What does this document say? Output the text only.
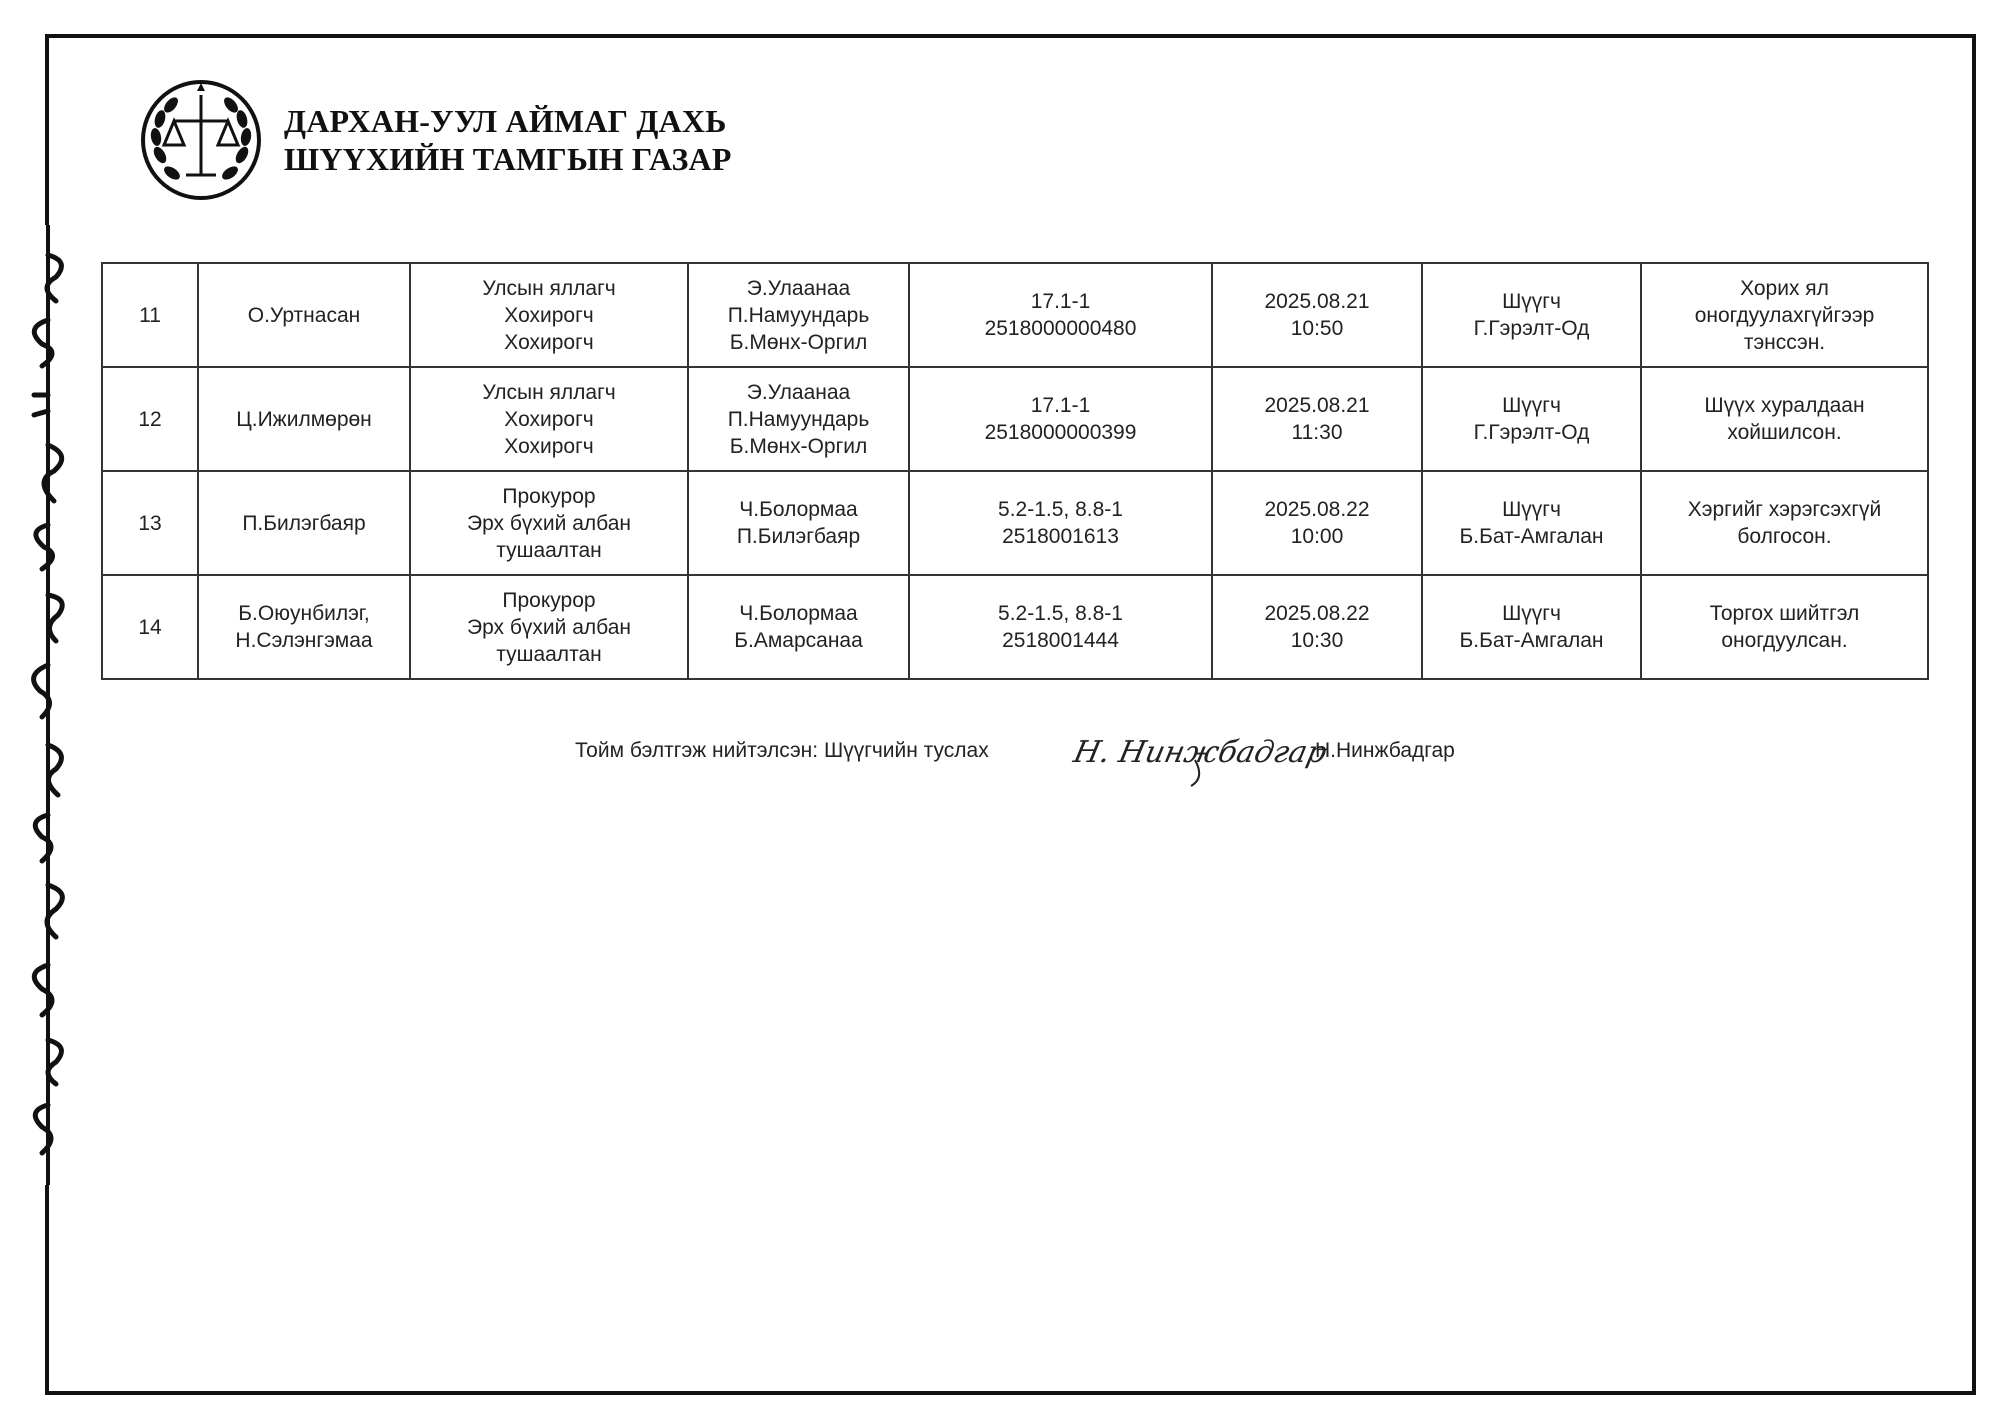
ДАРХАН-УУЛ АЙМАГ ДАХЬ
ШҮҮХИЙН ТАМГЫН ГАЗАР
11	О.Уртнасан	Улсын яллагч
Хохирогч
Хохирогч	Э.Улаанаа
П.Намуундарь
Б.Мөнх-Оргил	17.1-1
2518000000480	2025.08.21
10:50	Шүүгч
Г.Гэрэлт-Од	Хорих ял
оногдуулахгүйгээр
тэнссэн.

12	Ц.Ижилмөрөн	Улсын яллагч
Хохирогч
Хохирогч	Э.Улаанаа
П.Намуундарь
Б.Мөнх-Оргил	17.1-1
2518000000399	2025.08.21
11:30	Шүүгч
Г.Гэрэлт-Од	Шүүх хуралдаан
хойшилсон.

13	П.Билэгбаяр	Прокурор
Эрх бүхий албан
тушаалтан	Ч.Болормаа
П.Билэгбаяр	5.2-1.5, 8.8-1
2518001613	2025.08.22
10:00	Шүүгч
Б.Бат-Амгалан	Хэргийг хэрэгсэхгүй
болгосон.

14	Б.Оюунбилэг,
Н.Сэлэнгэмаа	Прокурор
Эрх бүхий албан
тушаалтан	Ч.Болормаа
Б.Амарсанаа	5.2-1.5, 8.8-1
2518001444	2025.08.22
10:30	Шүүгч
Б.Бат-Амгалан	Торгох шийтгэл
оногдуулсан.
Тойм бэлтгэж нийтэлсэн: Шүүгчийн туслах	Н. Нинжбадгар
Н.Нинжбадгар
